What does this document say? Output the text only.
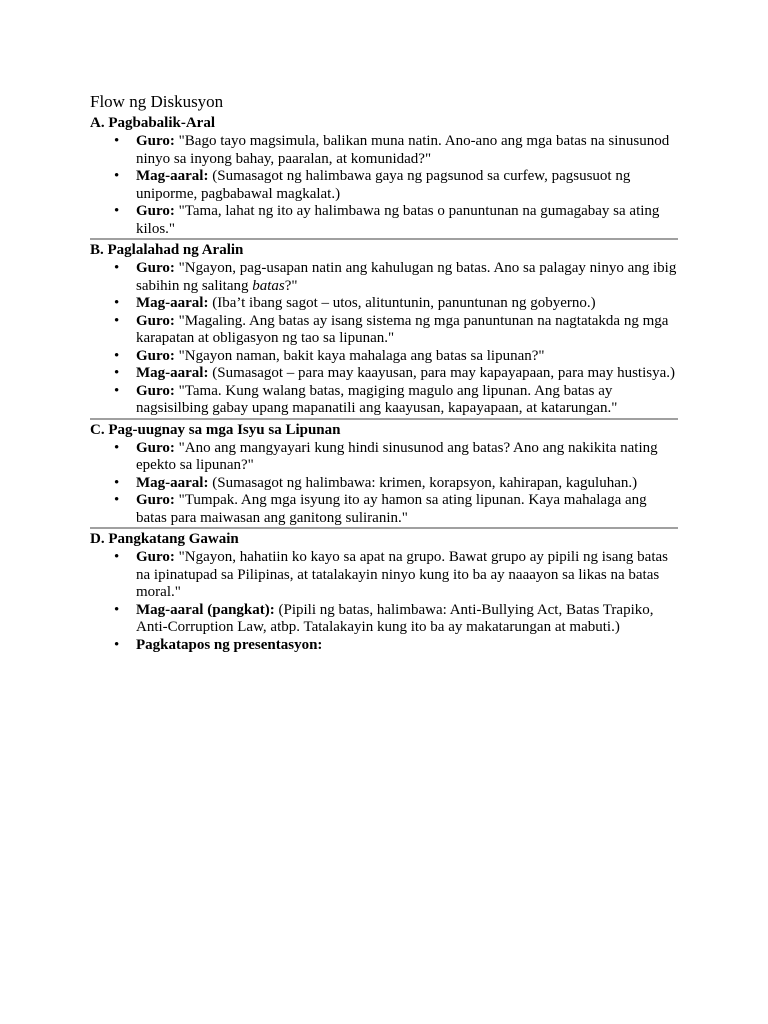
Flow ng Diskusyon
A. Pagbabalik-Aral
• Guro: "Bago tayo magsimula, balikan muna natin. Ano-ano ang mga batas na sinusunod ninyo sa inyong bahay, paaralan, at komunidad?"
• Mag-aaral: (Sumasagot ng halimbawa gaya ng pagsunod sa curfew, pagsusuot ng uniporme, pagbabawal magkalat.)
• Guro: "Tama, lahat ng ito ay halimbawa ng batas o panuntunan na gumagabay sa ating kilos."
B. Paglalahad ng Aralin
• Guro: "Ngayon, pag-usapan natin ang kahulugan ng batas. Ano sa palagay ninyo ang ibig sabihin ng salitang batas?"
• Mag-aaral: (Iba’t ibang sagot – utos, alituntunin, panuntunan ng gobyerno.)
• Guro: "Magaling. Ang batas ay isang sistema ng mga panuntunan na nagtatakda ng mga karapatan at obligasyon ng tao sa lipunan."
• Guro: "Ngayon naman, bakit kaya mahalaga ang batas sa lipunan?"
• Mag-aaral: (Sumasagot – para may kaayusan, para may kapayapaan, para may hustisya.)
• Guro: "Tama. Kung walang batas, magiging magulo ang lipunan. Ang batas ay nagsisilbing gabay upang mapanatili ang kaayusan, kapayapaan, at katarungan."
C. Pag-uugnay sa mga Isyu sa Lipunan
• Guro: "Ano ang mangyayari kung hindi sinusunod ang batas? Ano ang nakikita nating epekto sa lipunan?"
• Mag-aaral: (Sumasagot ng halimbawa: krimen, korapsyon, kahirapan, kaguluhan.)
• Guro: "Tumpak. Ang mga isyung ito ay hamon sa ating lipunan. Kaya mahalaga ang batas para maiwasan ang ganitong suliranin."
D. Pangkatang Gawain
• Guro: "Ngayon, hahatiin ko kayo sa apat na grupo. Bawat grupo ay pipili ng isang batas na ipinatupad sa Pilipinas, at tatalakayin ninyo kung ito ba ay naaayon sa likas na batas moral."
• Mag-aaral (pangkat): (Pipili ng batas, halimbawa: Anti-Bullying Act, Batas Trapiko, Anti-Corruption Law, atbp. Tatalakayin kung ito ba ay makatarungan at mabuti.)
• Pagkatapos ng presentasyon:
